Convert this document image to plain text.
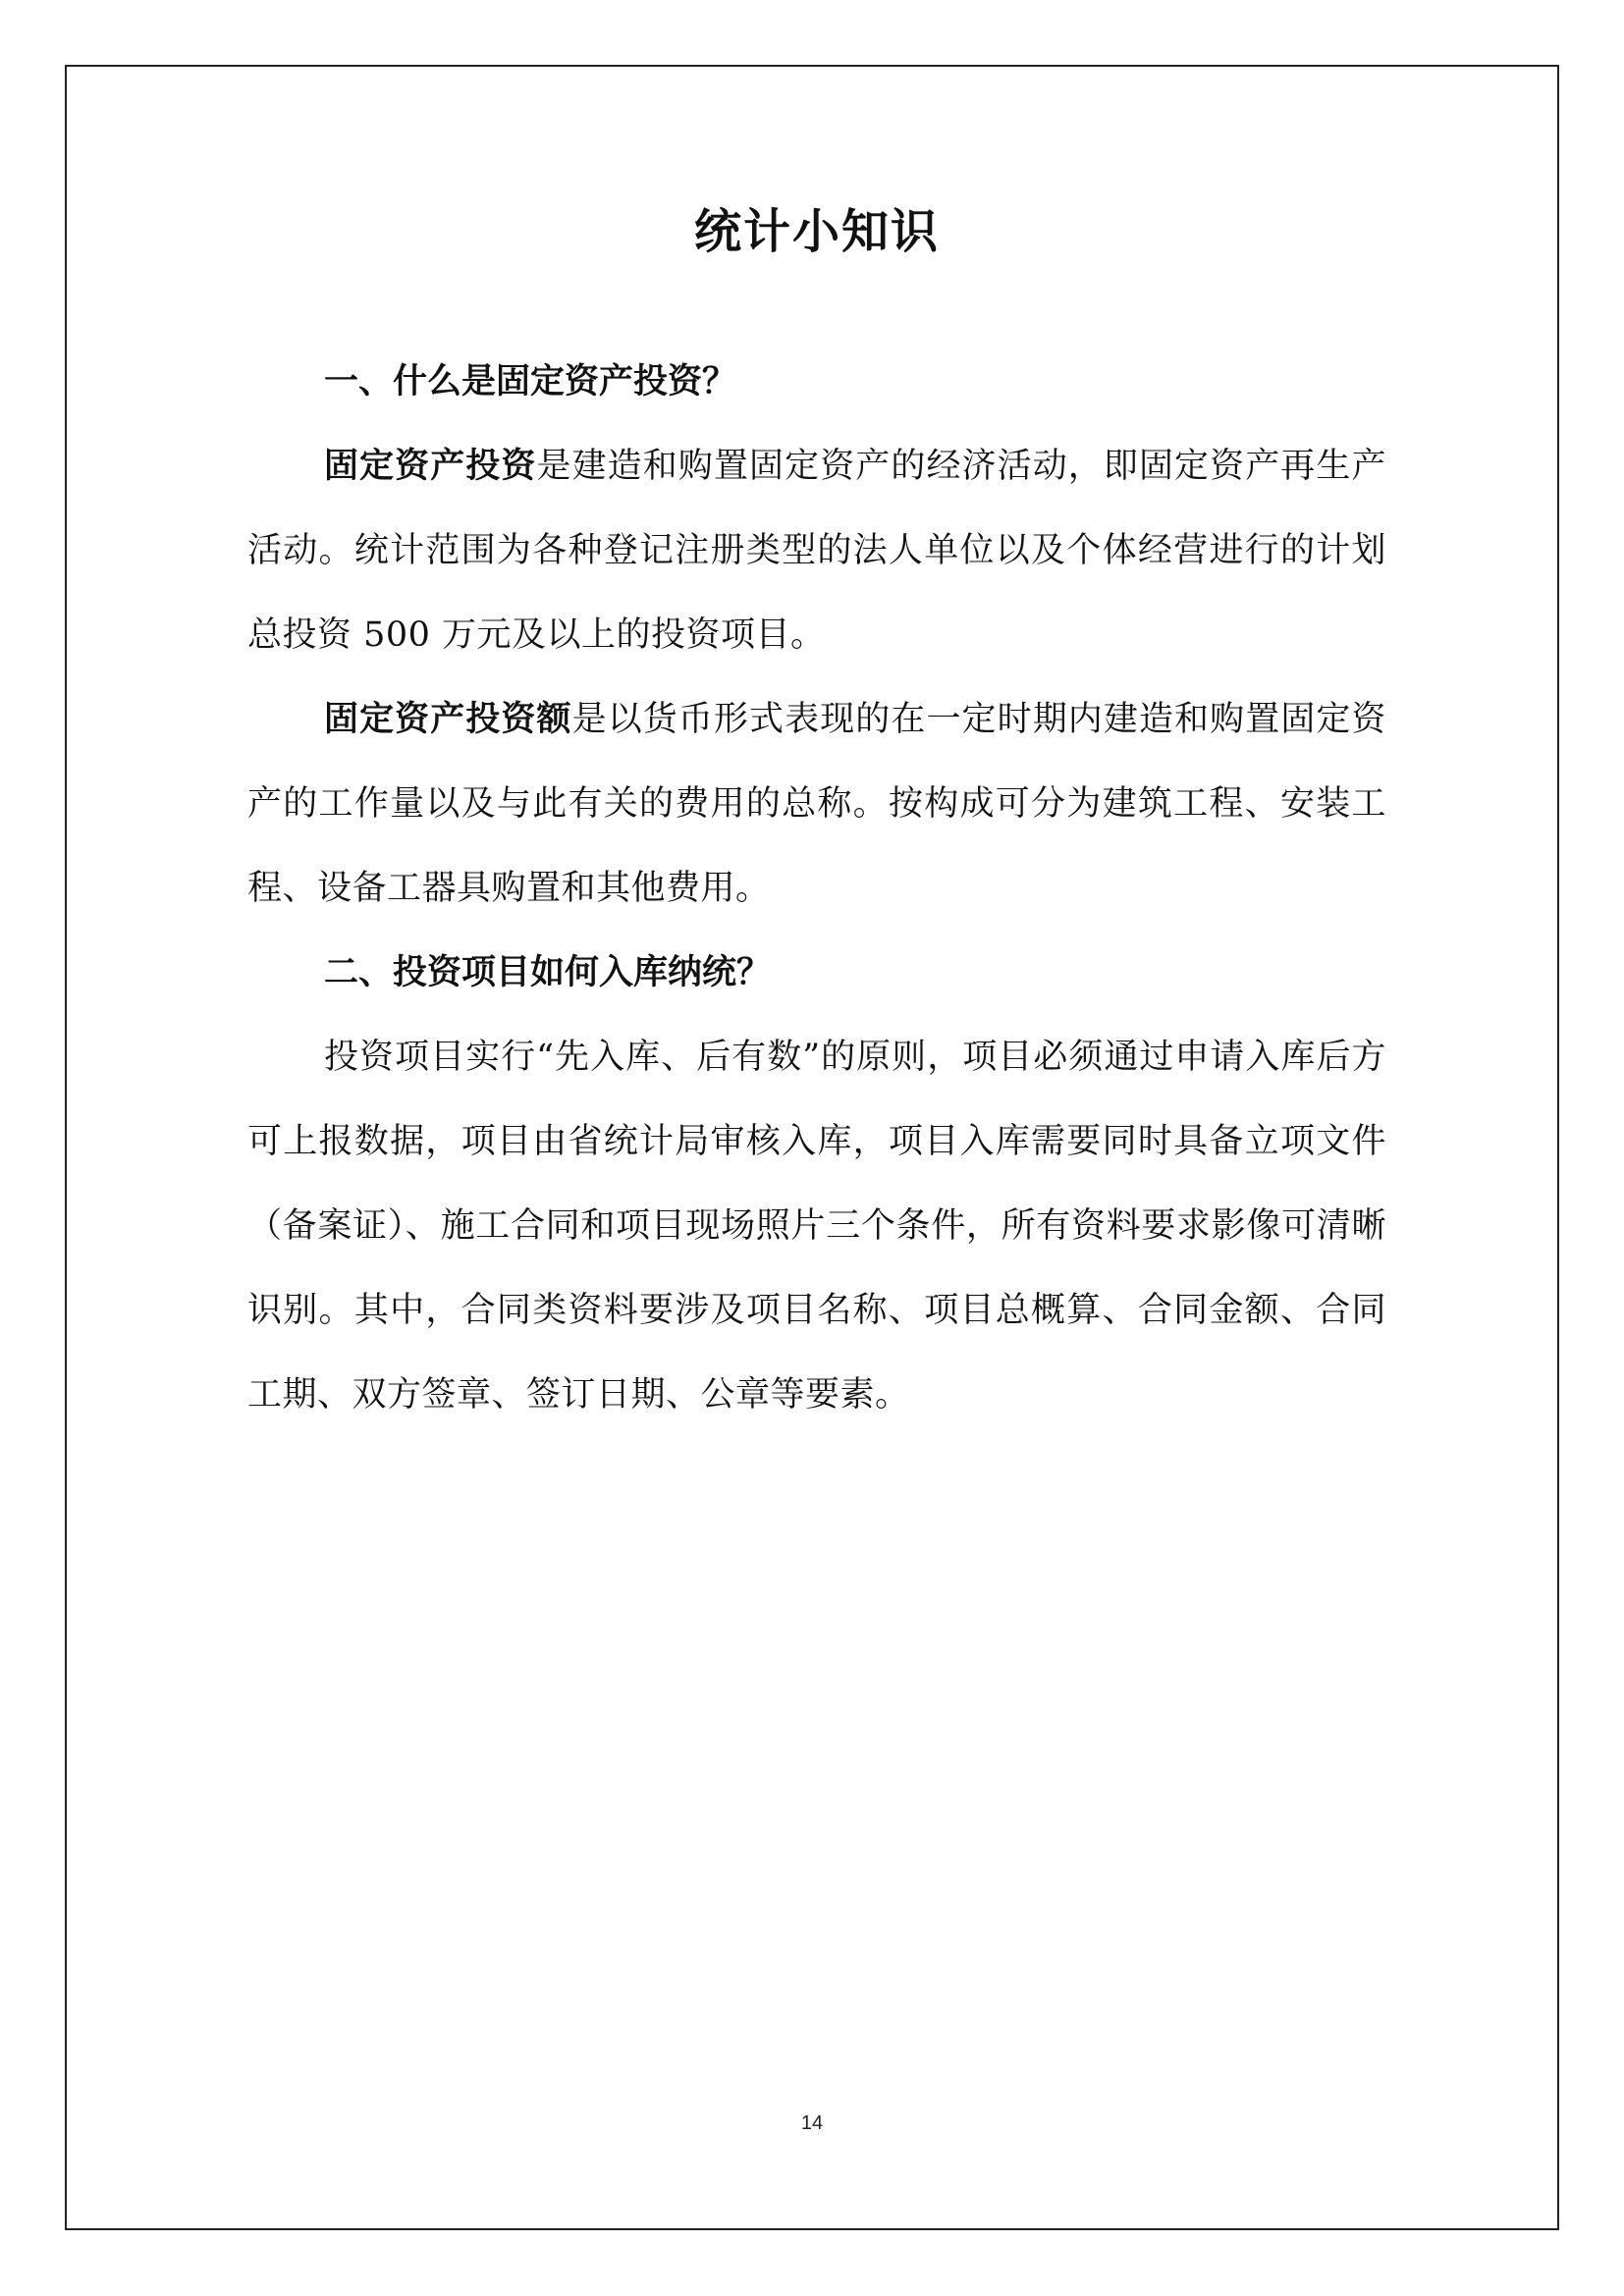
统计小知识

一、什么是固定资产投资？

固定资产投资是建造和购置固定资产的经济活动，即固定资产再生产活动。统计范围为各种登记注册类型的法人单位以及个体经营进行的计划总投资 500 万元及以上的投资项目。

固定资产投资额是以货币形式表现的在一定时期内建造和购置固定资产的工作量以及与此有关的费用的总称。按构成可分为建筑工程、安装工程、设备工器具购置和其他费用。

二、投资项目如何入库纳统？

投资项目实行“先入库、后有数”的原则，项目必须通过申请入库后方可上报数据，项目由省统计局审核入库，项目入库需要同时具备立项文件（备案证）、施工合同和项目现场照片三个条件，所有资料要求影像可清晰识别。其中，合同类资料要涉及项目名称、项目总概算、合同金额、合同工期、双方签章、签订日期、公章等要素。

14
